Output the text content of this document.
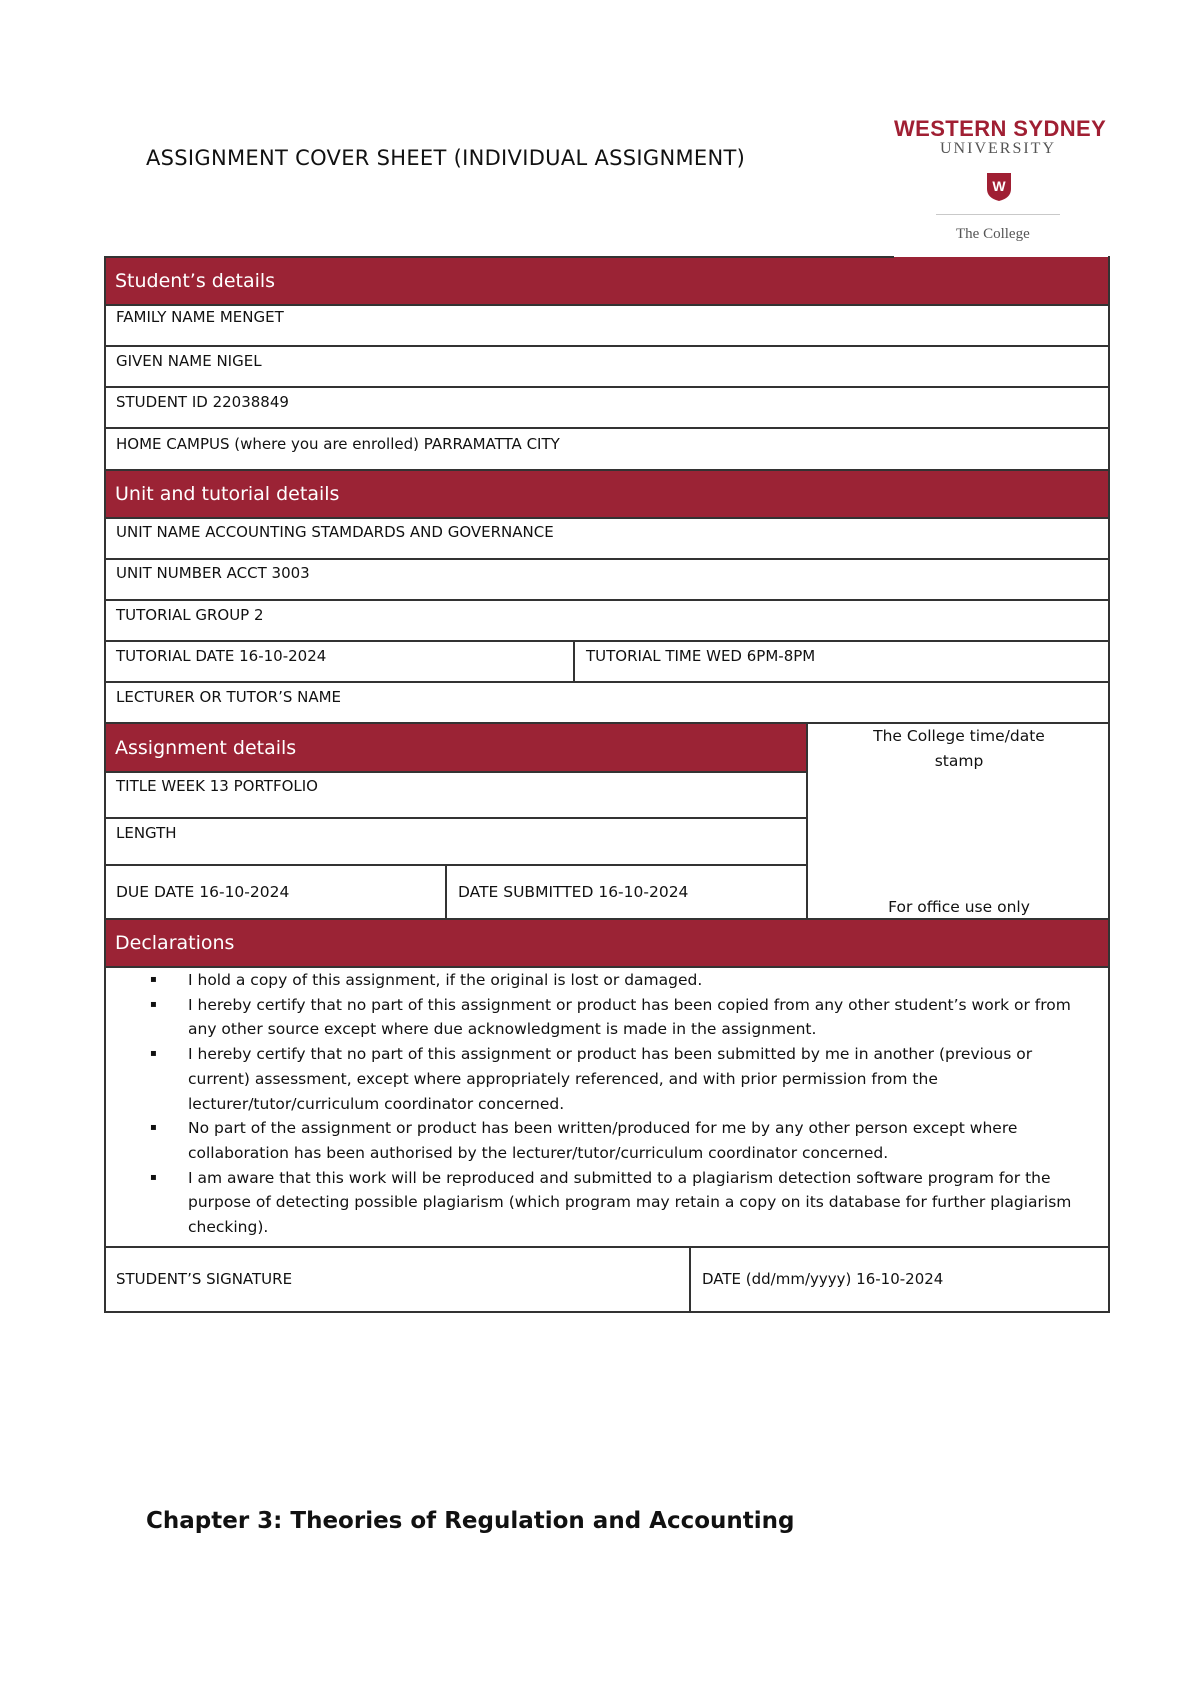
ASSIGNMENT COVER SHEET (INDIVIDUAL ASSIGNMENT)
WESTERN SYDNEY
UNIVERSITY
W
The College
Student’s details
FAMILY NAME MENGET
GIVEN NAME NIGEL
STUDENT ID 22038849
HOME CAMPUS (where you are enrolled) PARRAMATTA CITY
Unit and tutorial details
UNIT NAME ACCOUNTING STAMDARDS AND GOVERNANCE
UNIT NUMBER ACCT 3003
TUTORIAL GROUP 2
TUTORIAL DATE 16-10-2024	TUTORIAL TIME WED 6PM-8PM
LECTURER OR TUTOR’S NAME
Assignment details
TITLE WEEK 13 PORTFOLIO
LENGTH
DUE DATE 16-10-2024	DATE SUBMITTED 16-10-2024
The College time/date
stamp
For office use only
Declarations
▪ I hold a copy of this assignment, if the original is lost or damaged.
▪ I hereby certify that no part of this assignment or product has been copied from any other student’s work or from any other source except where due acknowledgment is made in the assignment.
▪ I hereby certify that no part of this assignment or product has been submitted by me in another (previous or current) assessment, except where appropriately referenced, and with prior permission from the lecturer/tutor/curriculum coordinator concerned.
▪ No part of the assignment or product has been written/produced for me by any other person except where collaboration has been authorised by the lecturer/tutor/curriculum coordinator concerned.
▪ I am aware that this work will be reproduced and submitted to a plagiarism detection software program for the purpose of detecting possible plagiarism (which program may retain a copy on its database for further plagiarism checking).
STUDENT’S SIGNATURE	DATE (dd/mm/yyyy) 16-10-2024
Chapter 3: Theories of Regulation and Accounting
